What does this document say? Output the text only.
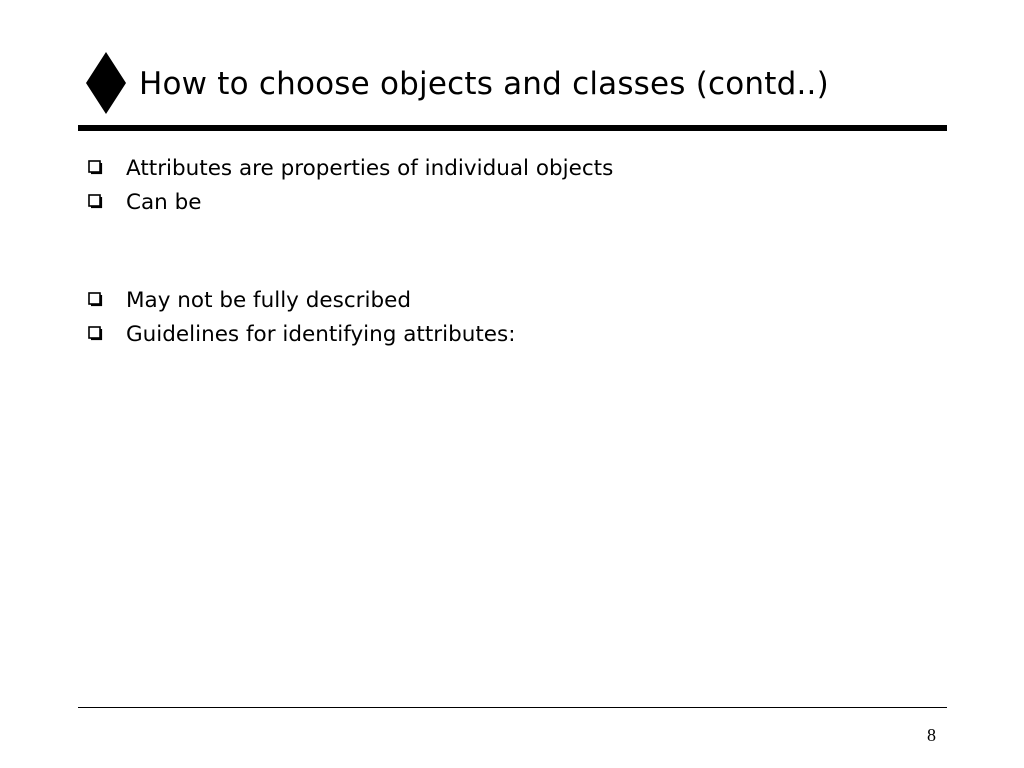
How to choose objects and classes (contd..)
Attributes are properties of individual objects
Can be
May not be fully described
Guidelines for identifying attributes:
8
